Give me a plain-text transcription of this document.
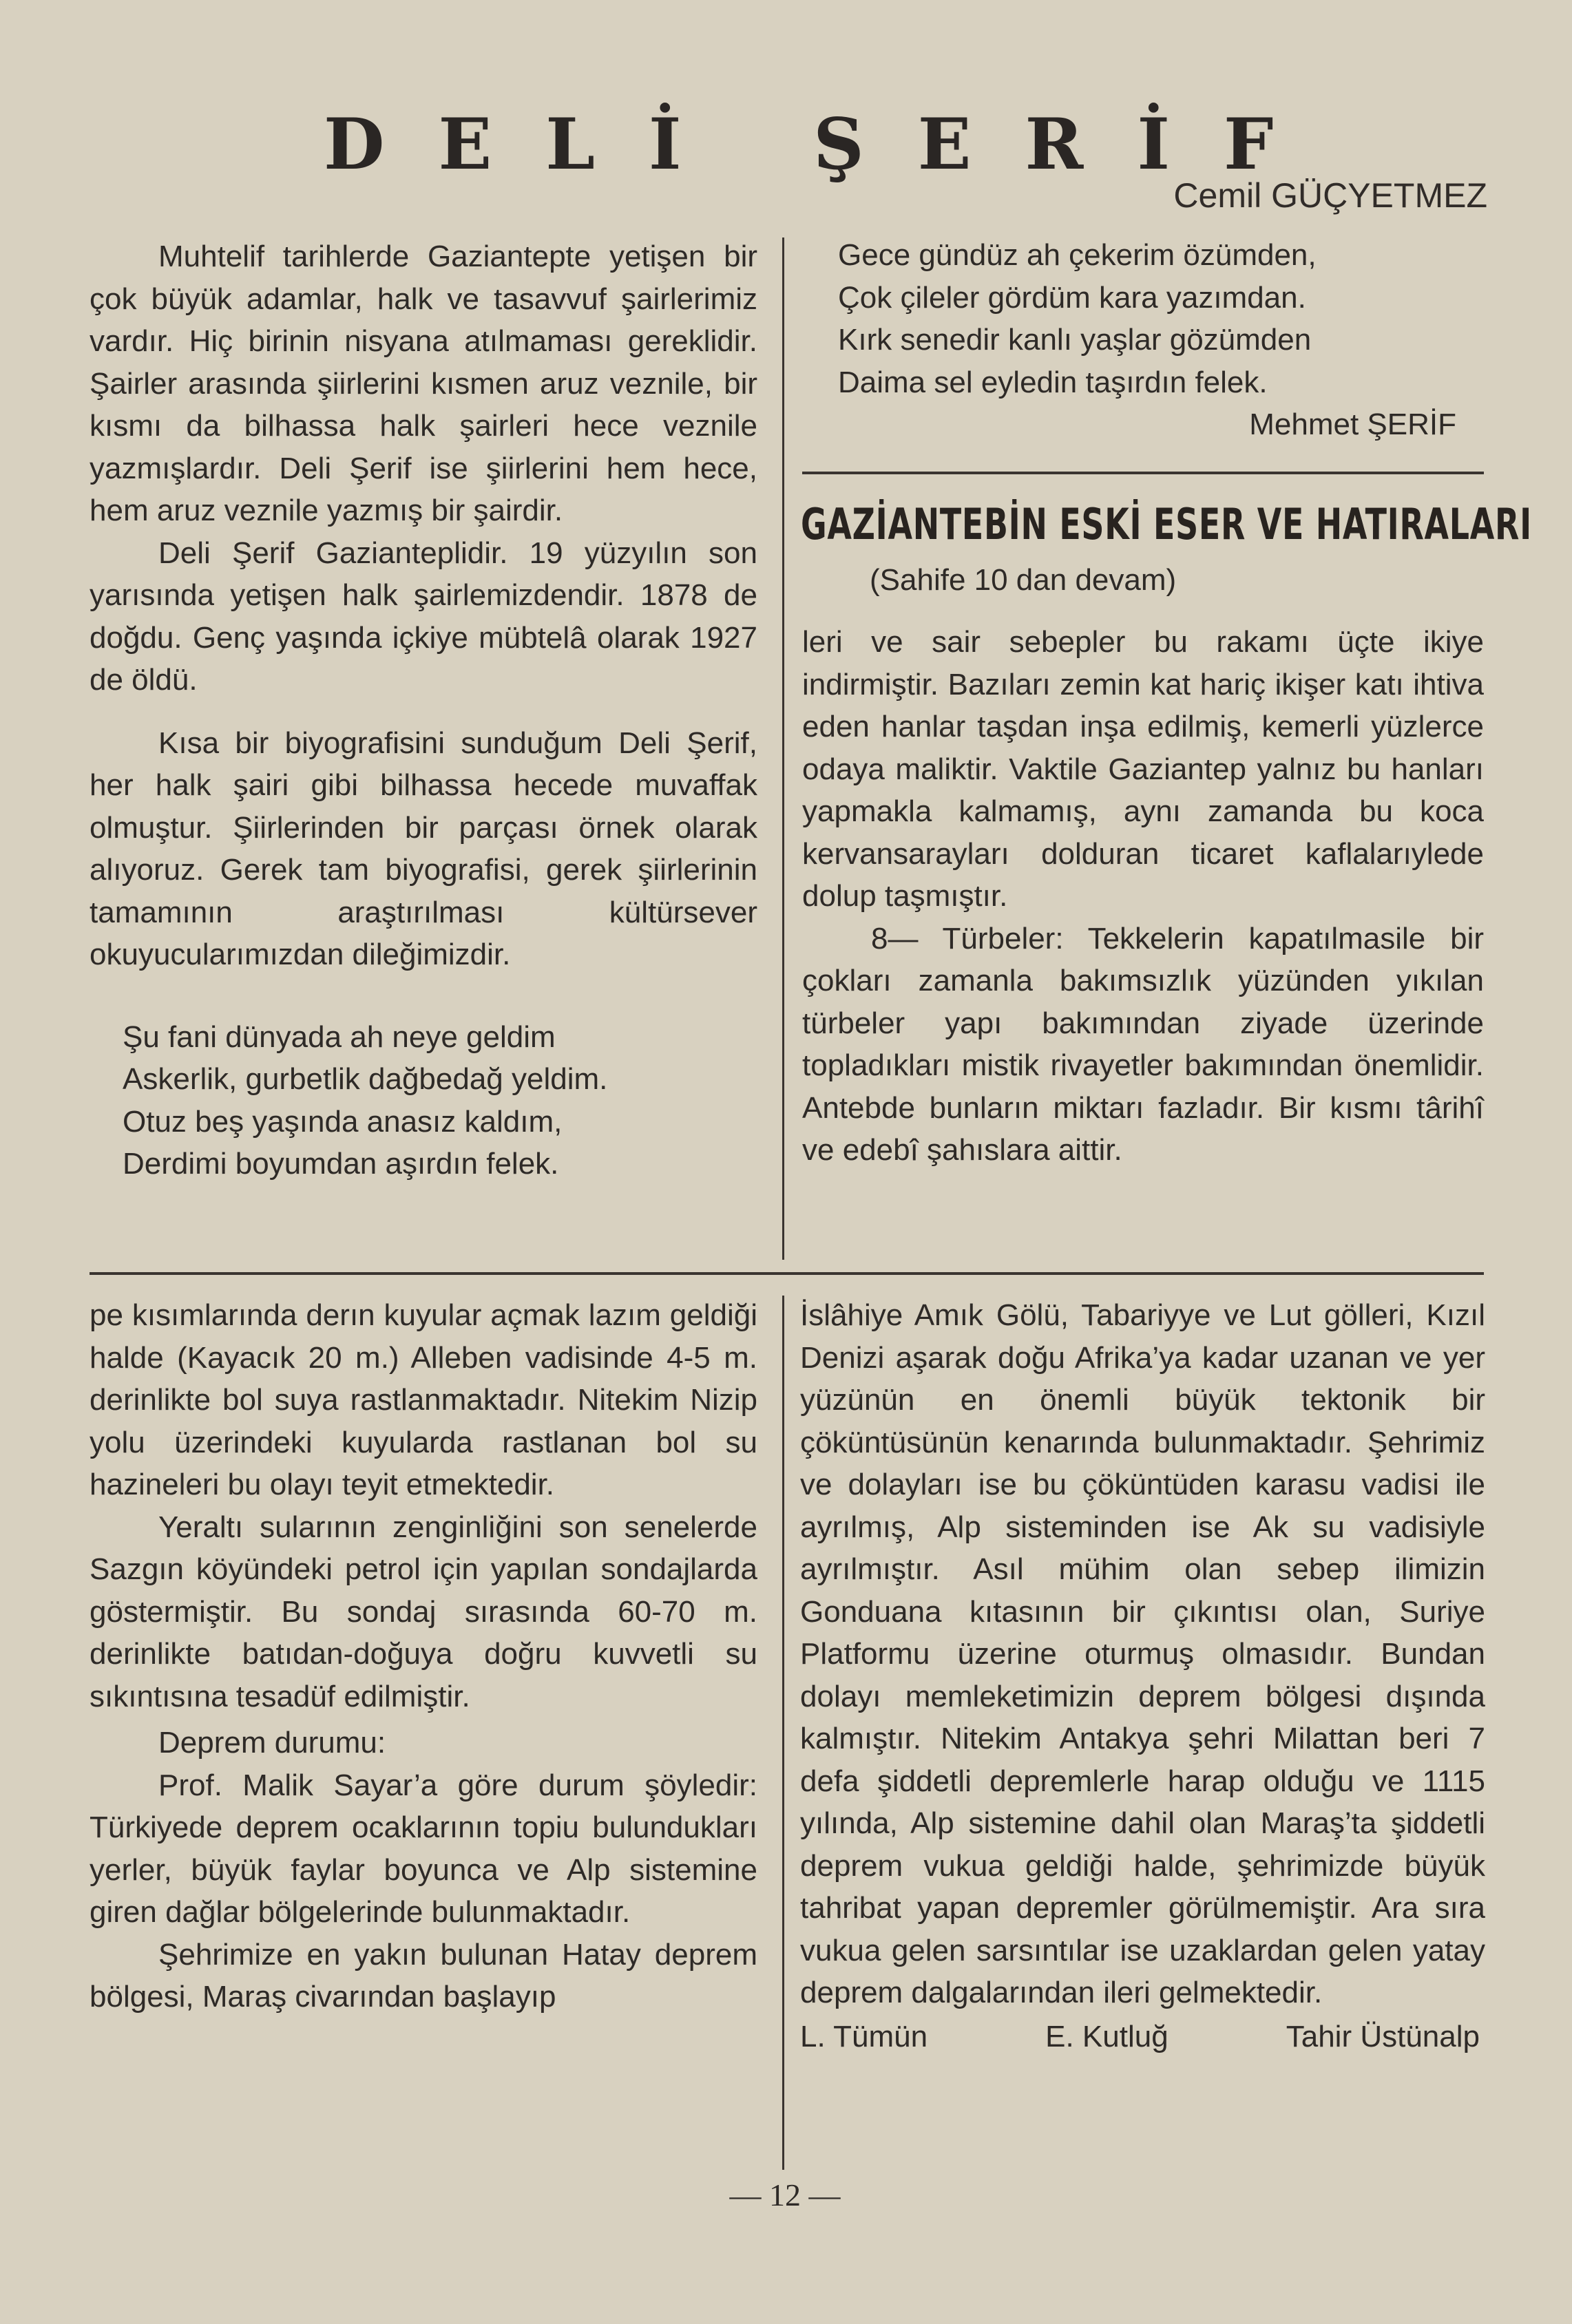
DELİ ŞERİF
Cemil GÜÇYETMEZ

Muhtelif tarihlerde Gaziantepte yetişen bir çok büyük adamlar, halk ve tasavvuf şairlerimiz vardır. Hiç birinin nisyana atılmaması gereklidir. Şairler arasında şiirlerini kısmen aruz veznile, bir kısmı da bilhassa halk şairleri hece veznile yazmışlardır. Deli Şerif ise şiirlerini hem hece, hem aruz veznile yazmış bir şairdir.

Deli Şerif Gazianteplidir. 19 yüzyılın son yarısında yetişen halk şairlemizdendir. 1878 de doğdu. Genç yaşında içkiye mübtelâ olarak 1927 de öldü.

Kısa bir biyografisini sunduğum Deli Şerif, her halk şairi gibi bilhassa hecede muvaffak olmuştur. Şiirlerinden bir parçası örnek olarak alıyoruz. Gerek tam biyografisi, gerek şiirlerinin tamamının araştırılması kültürsever okuyucularımızdan dileğimizdir.

Şu fani dünyada ah neye geldim
Askerlik, gurbetlik dağbedağ yeldim.
Otuz beş yaşında anasız kaldım,
Derdimi boyumdan aşırdın felek.
Gece gündüz ah çekerim özümden,
Çok çileler gördüm kara yazımdan.
Kırk senedir kanlı yaşlar gözümden
Daima sel eyledin taşırdın felek.
Mehmet ŞERİF
GAZİANTEBİN ESKİ ESER VE HATIRALARI
(Sahife 10 dan devam)

leri ve sair sebepler bu rakamı üçte ikiye indirmiştir. Bazıları zemin kat hariç ikişer katı ihtiva eden hanlar taşdan inşa edilmiş, kemerli yüzlerce odaya maliktir. Vaktile Gaziantep yalnız bu hanları yapmakla kalmamış, aynı zamanda bu koca kervansarayları dolduran ticaret kaflalarıylede dolup taşmıştır.

8— Türbeler: Tekkelerin kapatılmasile bir çokları zamanla bakımsızlık yüzünden yıkılan türbeler yapı bakımından ziyade üzerinde topladıkları mistik rivayetler bakımından önemlidir. Antebde bunların miktarı fazladır. Bir kısmı târihî ve edebî şahıslara aittir.

pe kısımlarında derın kuyular açmak lazım geldiği halde (Kayacık 20 m.) Alleben vadisinde 4-5 m. derinlikte bol suya rastlanmaktadır. Nitekim Nizip yolu üzerindeki kuyularda rastlanan bol su hazineleri bu olayı teyit etmektedir.

Yeraltı sularının zenginliğini son senelerde Sazgın köyündeki petrol için yapılan sondajlarda göstermiştir. Bu sondaj sırasında 60-70 m. derinlikte batıdan-doğuya doğru kuvvetli su sıkıntısına tesadüf edilmiştir.

Deprem durumu:

Prof. Malik Sayar’a göre durum şöyledir: Türkiyede deprem ocaklarının topiu bulundukları yerler, büyük faylar boyunca ve Alp sistemine giren dağlar bölgelerinde bulunmaktadır.

Şehrimize en yakın bulunan Hatay deprem bölgesi, Maraş civarından başlayıp

İslâhiye Amık Gölü, Tabariyye ve Lut gölleri, Kızıl Denizi aşarak doğu Afrika’ya kadar uzanan ve yer yüzünün en önemli büyük tektonik bir çöküntüsünün kenarında bulunmaktadır. Şehrimiz ve dolayları ise bu çöküntüden karasu vadisi ile ayrılmış, Alp sisteminden ise Ak su vadisiyle ayrılmıştır. Asıl mühim olan sebep ilimizin Gonduana kıtasının bir çıkıntısı olan, Suriye Platformu üzerine oturmuş olmasıdır. Bundan dolayı memleketimizin deprem bölgesi dışında kalmıştır. Nitekim Antakya şehri Milattan beri 7 defa şiddetli depremlerle harap olduğu ve 1115 yılında, Alp sistemine dahil olan Maraş’ta şiddetli deprem vukua geldiği halde, şehrimizde büyük tahribat yapan depremler görülmemiştir. Ara sıra vukua gelen sarsıntılar ise uzaklardan gelen yatay deprem dalgalarından ileri gelmektedir.

L. Tümün	E. Kutluğ	Tahir Üstünalp
— 12 —
